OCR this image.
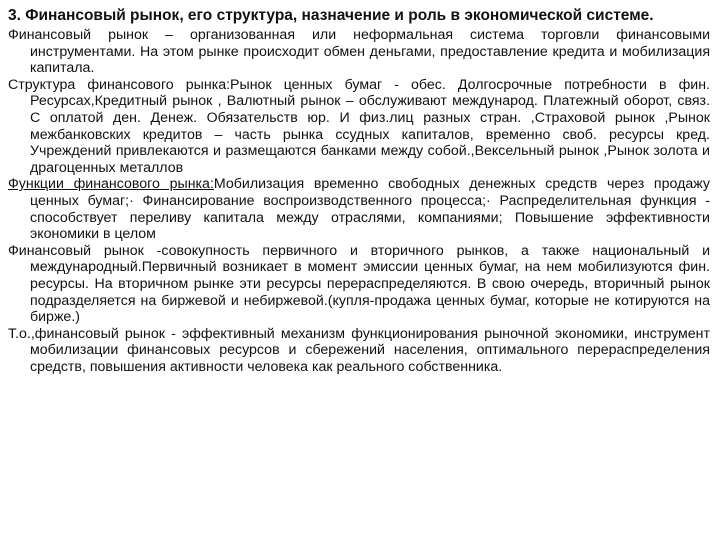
3. Финансовый рынок, его структура, назначение и роль в экономической системе.

Финансовый рынок – организованная или неформальная система торговли финансовыми инструментами. На этом рынке происходит обмен деньгами, предоставление кредита и мобилизация капитала.

Структура финансового рынка:Рынок ценных бумаг - обес. Долгосрочные потребности в фин. Ресурсах,Кредитный рынок , Валютный рынок – обслуживают международ. Платежный оборот, связ. С оплатой ден. Денеж. Обязательств юр. И физ.лиц разных стран. ,Страховой рынок ,Рынок межбанковских кредитов – часть рынка ссудных капиталов, временно своб. ресурсы кред. Учреждений привлекаются и размещаются банками между собой.,Вексельный рынок ,Рынок золота и драгоценных металлов

Функции финансового рынка:Мобилизация временно свободных денежных средств через продажу ценных бумаг;· Финансирование воспроизводственного процесса;· Распределительная функция - способствует переливу капитала между отраслями, компаниями; Повышение эффективности экономики в целом

Финансовый рынок -совокупность первичного и вторичного рынков, а также национальный и международный.Первичный возникает в момент эмиссии ценных бумаг, на нем мобилизуются фин. ресурсы. На вторичном рынке эти ресурсы перераспределяются. В свою очередь, вторичный рынок подразделяется на биржевой и небиржевой.(купля-продажа ценных бумаг, которые не котируются на бирже.)

Т.о.,финансовый рынок - эффективный механизм функционирования рыночной экономики, инструмент мобилизации финансовых ресурсов и сбережений населения, оптимального перераспределения средств, повышения активности человека как реального собственника.
